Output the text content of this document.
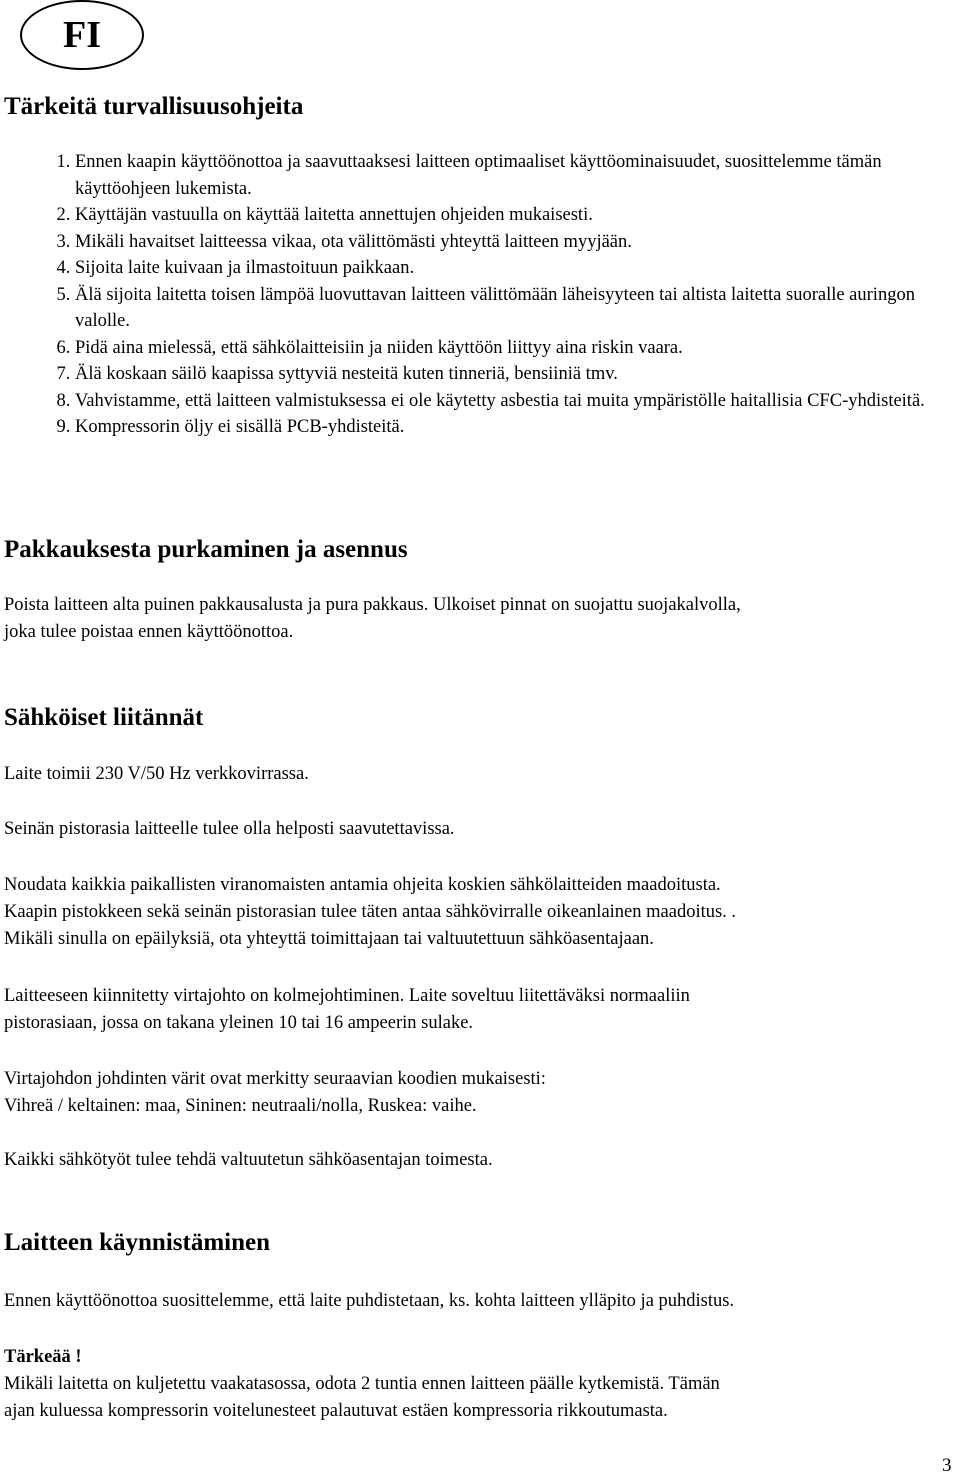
FI
Tärkeitä turvallisuusohjeita
1. Ennen kaapin käyttöönottoa ja saavuttaaksesi laitteen optimaaliset käyttöominaisuudet, suosittelemme tämän käyttöohjeen lukemista.
2. Käyttäjän vastuulla on käyttää laitetta annettujen ohjeiden mukaisesti.
3. Mikäli havaitset laitteessa vikaa, ota välittömästi yhteyttä laitteen myyjään.
4. Sijoita laite kuivaan ja ilmastoituun paikkaan.
5. Älä sijoita laitetta toisen lämpöä luovuttavan laitteen välittömään läheisyyteen tai altista laitetta suoralle auringon valolle.
6. Pidä aina mielessä, että sähkölaitteisiin ja niiden käyttöön liittyy aina riskin vaara.
7. Älä koskaan säilö kaapissa syttyviä nesteitä kuten tinneriä, bensiiniä tmv.
8. Vahvistamme, että laitteen valmistuksessa ei ole käytetty asbestia tai muita ympäristölle haitallisia CFC-yhdisteitä.
9. Kompressorin öljy ei sisällä PCB-yhdisteitä.
Pakkauksesta purkaminen ja asennus
Poista laitteen alta puinen pakkausalusta ja pura pakkaus. Ulkoiset pinnat on suojattu suojakalvolla,
joka tulee poistaa ennen käyttöönottoa.
Sähköiset liitännät
Laite toimii 230 V/50 Hz verkkovirrassa.
Seinän pistorasia laitteelle tulee olla helposti saavutettavissa.
Noudata kaikkia paikallisten viranomaisten antamia ohjeita koskien sähkölaitteiden maadoitusta.
Kaapin pistokkeen sekä seinän pistorasian tulee täten antaa sähkövirralle oikeanlainen maadoitus. .
Mikäli sinulla on epäilyksiä, ota yhteyttä toimittajaan tai valtuutettuun sähköasentajaan.
Laitteeseen kiinnitetty virtajohto on kolmejohtiminen. Laite soveltuu liitettäväksi normaaliin
pistorasiaan, jossa on takana yleinen 10 tai 16 ampeerin sulake.
Virtajohdon johdinten värit ovat merkitty seuraavian koodien mukaisesti:
Vihreä / keltainen: maa, Sininen: neutraali/nolla, Ruskea: vaihe.
Kaikki sähkötyöt tulee tehdä valtuutetun sähköasentajan toimesta.
Laitteen käynnistäminen
Ennen käyttöönottoa suosittelemme, että laite puhdistetaan, ks. kohta laitteen ylläpito ja puhdistus.
Tärkeää !
Mikäli laitetta on kuljetettu vaakatasossa, odota 2 tuntia ennen laitteen päälle kytkemistä. Tämän
ajan kuluessa kompressorin voitelunesteet palautuvat estäen kompressoria rikkoutumasta.
3
